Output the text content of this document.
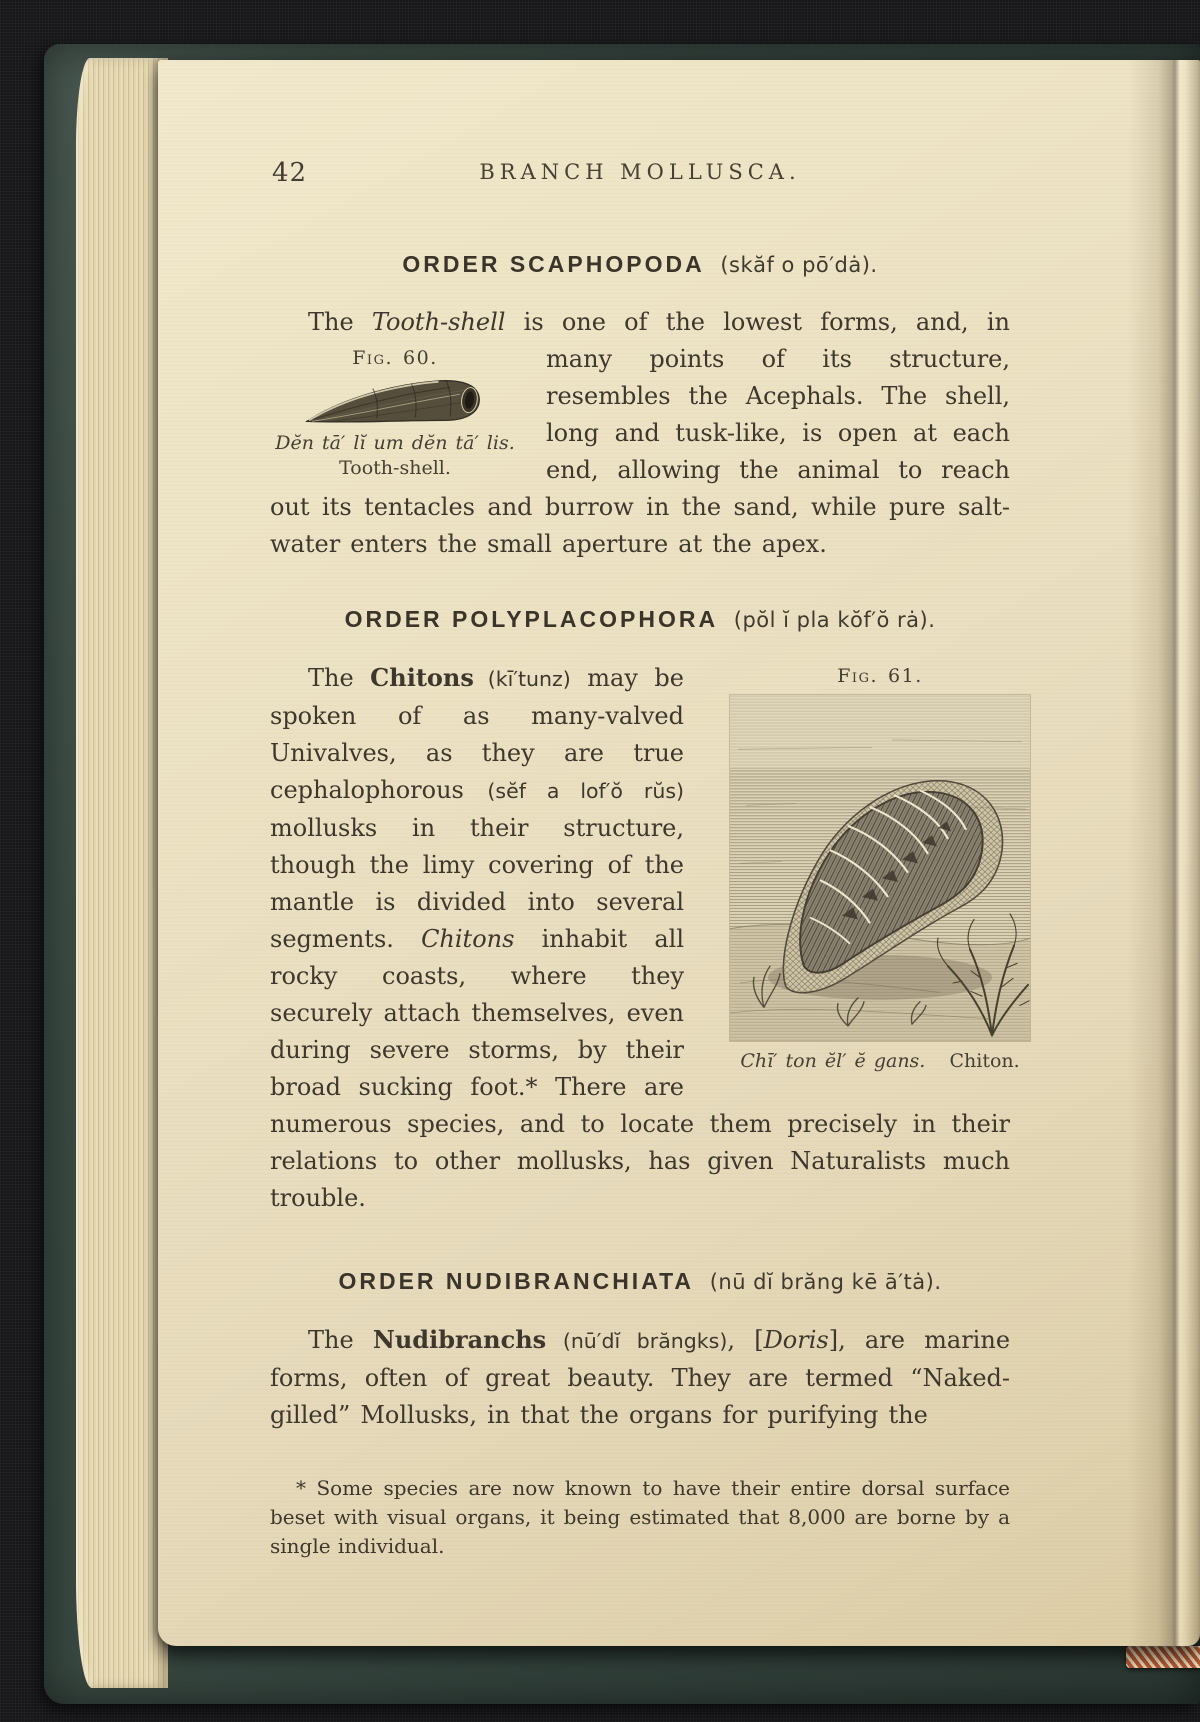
42	BRANCH MOLLUSCA.
ORDER SCAPHOPODA (skăf o pō′dȧ).

The Tooth-shell is one of the lowest forms, and, in
Fig. 60.
Dĕn tā′ lĭ um dĕn tā′ lis.
Tooth-shell.
many points of its structure, resembles the Acephals. The shell, long and tusk-like, is open at each end, allowing the animal to reach out its tentacles and burrow in the sand, while pure salt-water enters the small aperture at the apex.

ORDER POLYPLACOPHORA (pŏl ĭ pla kŏf′ŏ rȧ).

Fig. 61.
Chī′ ton ĕl′ ĕ gans. Chiton.
The Chitons (kī′tunz) may be spoken of as many-valved Univalves, as they are true cephalophorous (sĕf a lof′ŏ rŭs) mollusks in their structure, though the limy covering of the mantle is divided into several segments. Chitons inhabit all rocky coasts, where they securely attach themselves, even during severe storms, by their broad sucking foot.* There are numerous species, and to locate them precisely in their relations to other mollusks, has given Naturalists much trouble.

ORDER NUDIBRANCHIATA (nū dĭ brăng kē ā′tȧ).

The Nudibranchs (nū′dĭ brăngks), [Doris], are marine forms, often of great beauty. They are termed “Naked-gilled” Mollusks, in that the organs for purifying the

* Some species are now known to have their entire dorsal surface beset with visual organs, it being estimated that 8,000 are borne by a single individual.
